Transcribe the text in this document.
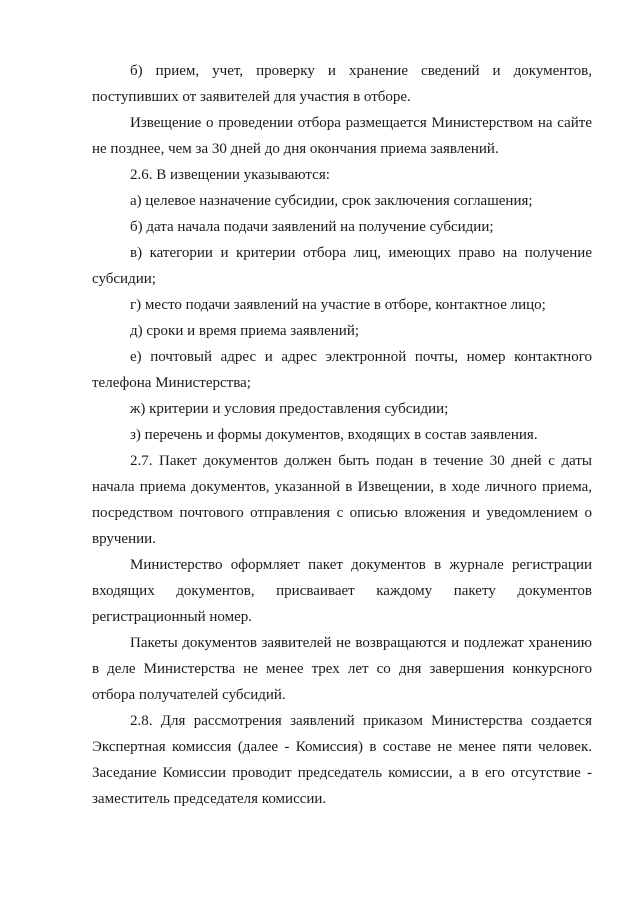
б) прием, учет, проверку и хранение сведений и документов, поступивших от заявителей для участия в отборе.

Извещение о проведении отбора размещается Министерством на сайте не позднее, чем за 30 дней до дня окончания приема заявлений.

2.6. В извещении указываются:

а) целевое назначение субсидии, срок заключения соглашения;

б) дата начала подачи заявлений на получение субсидии;

в) категории и критерии отбора лиц, имеющих право на получение субсидии;

г) место подачи заявлений на участие в отборе, контактное лицо;

д) сроки и время приема заявлений;

е) почтовый адрес и адрес электронной почты, номер контактного телефона Министерства;

ж) критерии и условия предоставления субсидии;

з) перечень и формы документов, входящих в состав заявления.

2.7. Пакет документов должен быть подан в течение 30 дней с даты начала приема документов, указанной в Извещении, в ходе личного приема, посредством почтового отправления с описью вложения и уведомлением о вручении.

Министерство оформляет пакет документов в журнале регистрации входящих документов, присваивает каждому пакету документов регистрационный номер.

Пакеты документов заявителей не возвращаются и подлежат хранению в деле Министерства не менее трех лет со дня завершения конкурсного отбора получателей субсидий.

2.8. Для рассмотрения заявлений приказом Министерства создается Экспертная комиссия (далее - Комиссия) в составе не менее пяти человек. Заседание Комиссии проводит председатель комиссии, а в его отсутствие - заместитель председателя комиссии.
